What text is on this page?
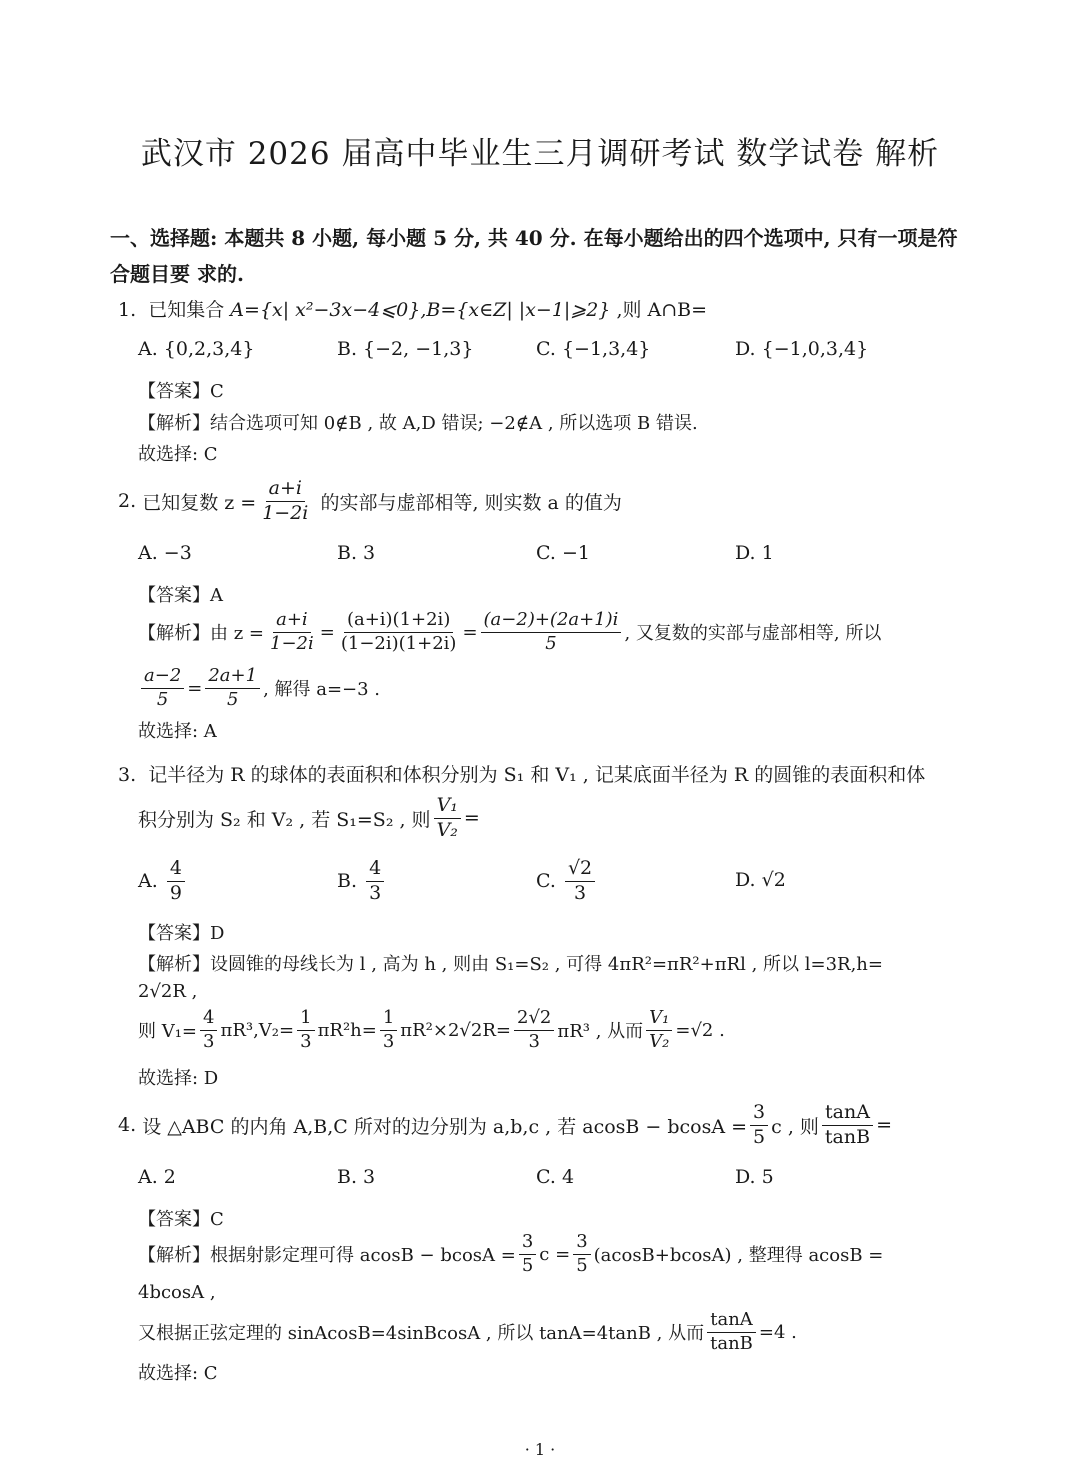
武汉市 2026 届高中毕业生三月调研考试 数学试卷 解析
一、选择题: 本题共 8 小题, 每小题 5 分, 共 40 分. 在每小题给出的四个选项中, 只有一项是符
合题目要 求的.
1. 已知集合 A={x| x²−3x−4⩽0},B={x∈Z| |x−1|⩾2} ,则 A∩B=
A. {0,2,3,4}	B. {−2, −1,3}	C. {−1,3,4}	D. {−1,0,3,4}
【答案】C
【解析】结合选项可知 0∉B , 故 A,D 错误; −2∉A , 所以选项 B 错误.
故选择: C
2.
已知复数 $z = \frac{a+i}{1-2i}$
的实部与虚部相等, 则实数 a 的值为
A. −3	B. 3	C. −1	D. 1
【答案】A
【解析】由 $z = \frac{a+i}{1-2i} = \frac{(a+i)(1+2i)}{(1-2i)(1+2i)} = \frac{(a-2)+(2a+1)i}{5}$ , 又复数的实部与虚部相等, 所以
$\frac{a-2}{5} = \frac{2a+1}{5}$ , 解得 a=−3 .
故选择: A
3. 记半径为 R 的球体的表面积和体积分别为 S₁ 和 V₁ , 记某底面半径为 R 的圆锥的表面积和体
积分别为 S₂ 和 V₂ , 若 S₁=S₂ , 则 $\frac{\text{V₁}}{\text{V₂}}$ =
A.
$\frac{4}{9}$	B.
$\frac{4}{3}$	C.
$\frac{√2}{3}$	D. √2
【答案】D
【解析】设圆锥的母线长为 l , 高为 h , 则由 S₁=S₂ , 可得 4πR²=πR²+πRl , 所以 l=3R,h=
2√2R ,
则 $V_1= \frac{4}{3} \pi R^3,V_2= \frac{1}{3} \pi R^2h= \frac{1}{3} \pi R^2\times 2√2R= \frac{2√2}{3} \pi R^3$ , 从而 $\frac{\text{V₁}}{\text{V₂}} =√2$ .
故选择: D
4.
设 △ABC 的内角 A,B,C 所对的边分别为 a,b,c , 若 $acosB - bcosA = \frac{3}{5}$ c , 则 $\frac{\tan A}{\tan B}$ =
A. 2	B. 3	C. 4	D. 5
【答案】C
【解析】根据射影定理可得 $acosB - bcosA = \frac{3}{5}$ $c = \frac{3}{5} (acosB+bcosA)$ , 整理得 acosB =
4bcosA ,
又根据正弦定理的 sinAcosB=4sinBcosA , 所以 tanA=4tanB , 从而 $\frac{\tan A}{\tan B} =4$ .
故选择: C
· 1 ·
